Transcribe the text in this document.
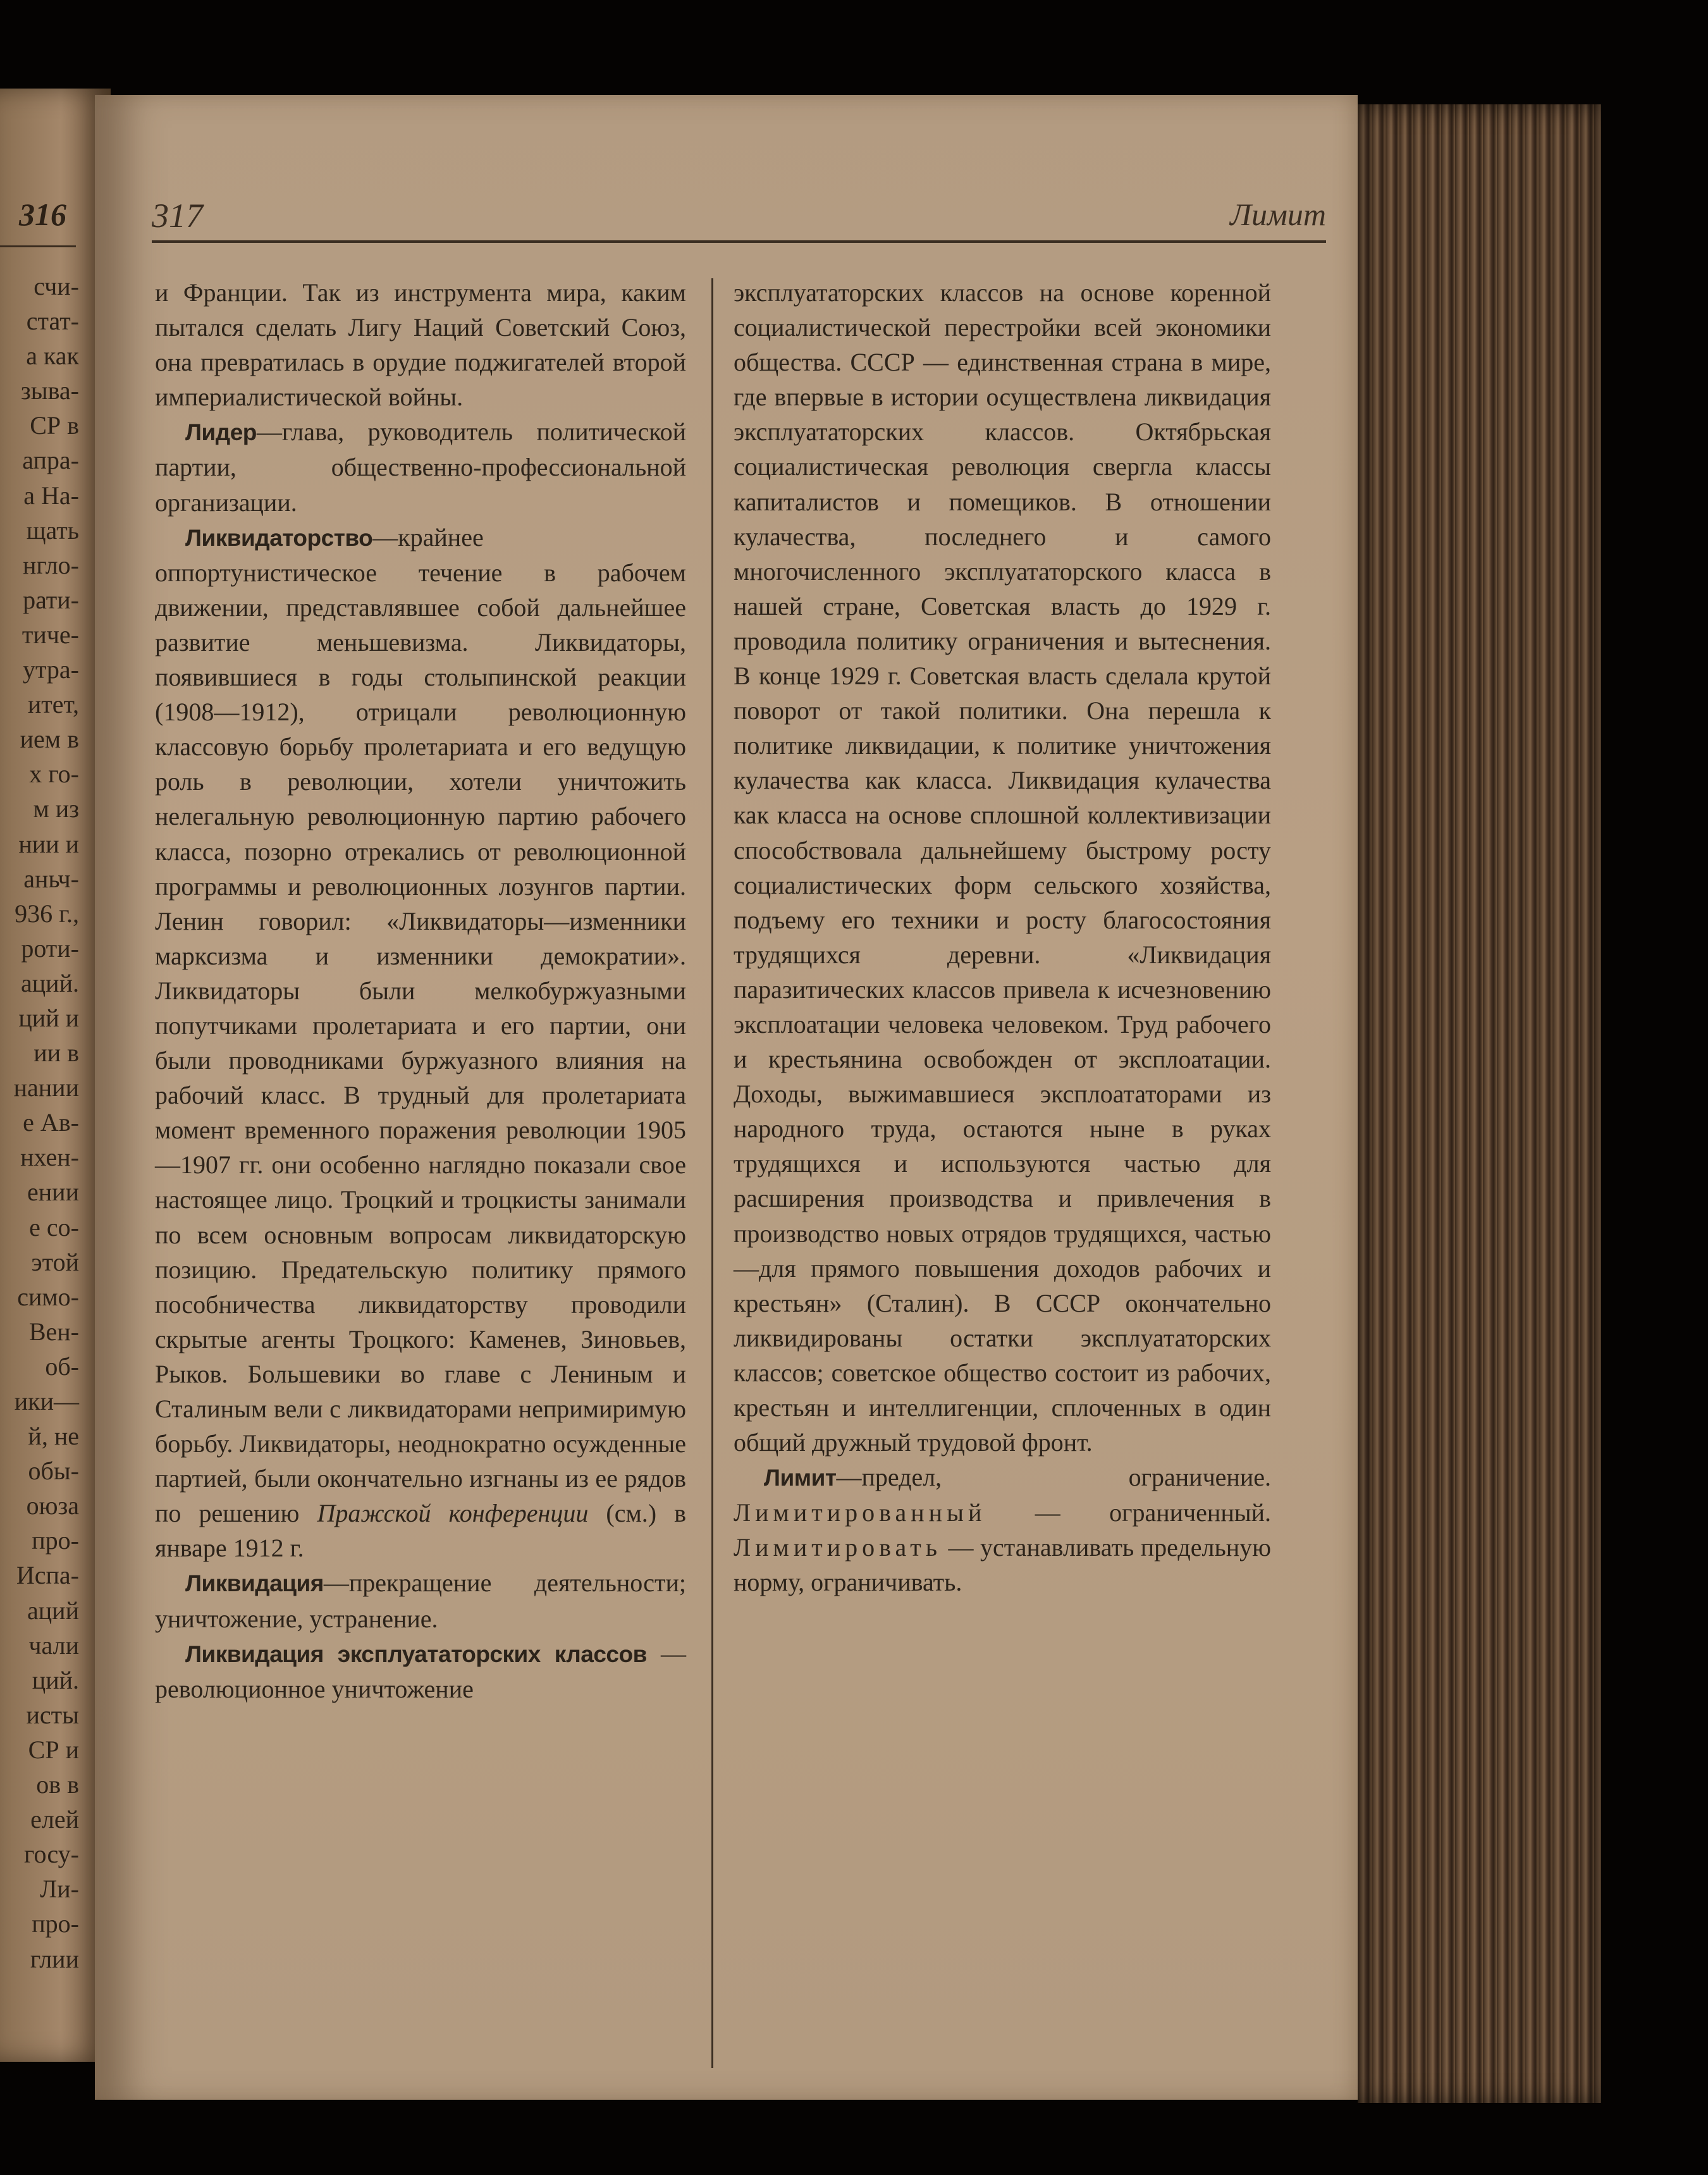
316
счи-
стат-
а как
зыва-
СР в
апра-
а На-
щать
нгло-
рати-
тиче-
утра-
итет,
ием в
х го-
м из
нии и
аньч-
936 г.,
роти-
аций.
ций и
ии в
нании
е Ав-
нхен-
ении
е со-
этой
симо-
Вен-
об-
ики—
й, не
обы-
оюза
про-
Испа-
аций
чали
ций.
исты
СР и
ов в
елей
госу-
Ли-
про-
глии
317	Лимит

и Франции. Так из инструмента мира, каким пытался сделать Лигу Наций Советский Союз, она превратилась в орудие поджигателей второй империалистической войны.

Лидер—глава, руководитель политической партии, общественно-профессиональной организации.

Ликвидаторство—крайнее оппортунистическое течение в рабочем движении, представлявшее собой дальнейшее развитие меньшевизма. Ликвидаторы, появившиеся в годы столыпинской реакции (1908—1912), отрицали революционную классовую борьбу пролетариата и его ведущую роль в революции, хотели уничтожить нелегальную революционную партию рабочего класса, позорно отрекались от революционной программы и революционных лозунгов партии. Ленин говорил: «Ликвидаторы—изменники марксизма и изменники демократии». Ликвидаторы были мелкобуржуазными попутчиками пролетариата и его партии, они были проводниками буржуазного влияния на рабочий класс. В трудный для пролетариата момент временного поражения революции 1905—1907 гг. они особенно наглядно показали свое настоящее лицо. Троцкий и троцкисты занимали по всем основным вопросам ликвидаторскую позицию. Предательскую политику прямого пособничества ликвидаторству проводили скрытые агенты Троцкого: Каменев, Зиновьев, Рыков. Большевики во главе с Лениным и Сталиным вели с ликвидаторами непримиримую борьбу. Ликвидаторы, неоднократно осужденные партией, были окончательно изгнаны из ее рядов по решению Пражской конференции (см.) в январе 1912 г.

Ликвидация—прекращение деятельности; уничтожение, устранение.

Ликвидация эксплуататорских классов — революционное уничтожение

эксплуататорских классов на основе коренной социалистической перестройки всей экономики общества. СССР — единственная страна в мире, где впервые в истории осуществлена ликвидация эксплуататорских классов. Октябрьская социалистическая революция свергла классы капиталистов и помещиков. В отношении кулачества, последнего и самого многочисленного эксплуататорского класса в нашей стране, Советская власть до 1929 г. проводила политику ограничения и вытеснения. В конце 1929 г. Советская власть сделала крутой поворот от такой политики. Она перешла к политике ликвидации, к политике уничтожения кулачества как класса. Ликвидация кулачества как класса на основе сплошной коллективизации способствовала дальнейшему быстрому росту социалистических форм сельского хозяйства, подъему его техники и росту благосостояния трудящихся деревни. «Ликвидация паразитических классов привела к исчезновению эксплоатации человека человеком. Труд рабочего и крестьянина освобожден от эксплоатации. Доходы, выжимавшиеся эксплоататорами из народного труда, остаются ныне в руках трудящихся и используются частью для расширения производства и привлечения в производство новых отрядов трудящихся, частью—для прямого повышения доходов рабочих и крестьян» (Сталин). В СССР окончательно ликвидированы остатки эксплуататорских классов; советское общество состоит из рабочих, крестьян и интеллигенции, сплоченных в один общий дружный трудовой фронт.

Лимит—предел, ограничение. Лимитированный — ограниченный. Лимитировать — устанавливать предельную норму, ограничивать.
